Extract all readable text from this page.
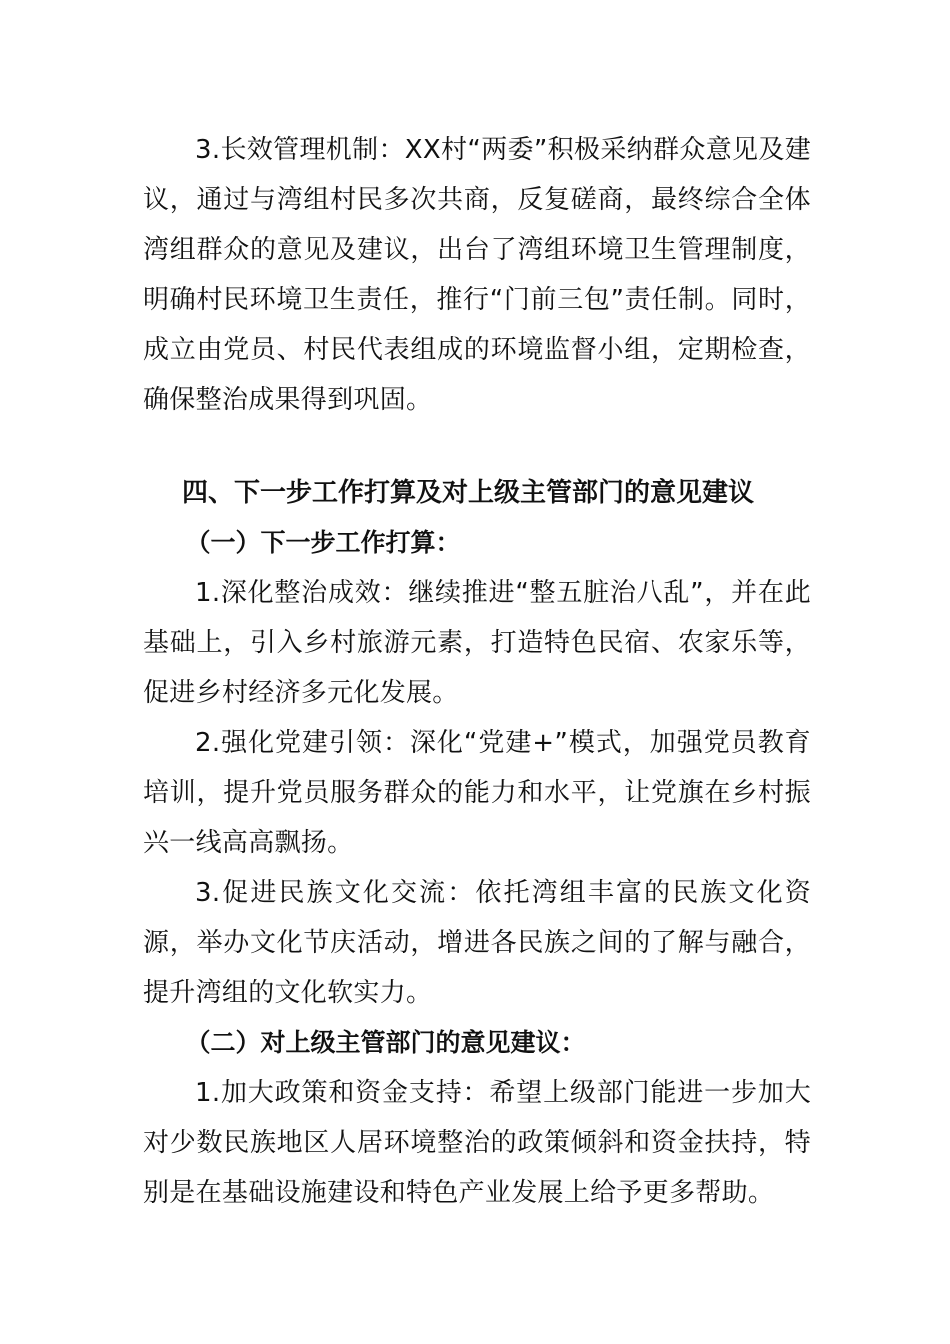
3.长效管理机制：XX村“两委”积极采纳群众意见及建议，通过与湾组村民多次共商，反复磋商，最终综合全体湾组群众的意见及建议，出台了湾组环境卫生管理制度，明确村民环境卫生责任，推行“门前三包”责任制。同时，成立由党员、村民代表组成的环境监督小组，定期检查，确保整治成果得到巩固。

四、下一步工作打算及对上级主管部门的意见建议

（一）下一步工作打算：

1.深化整治成效：继续推进“整五脏治八乱”，并在此基础上，引入乡村旅游元素，打造特色民宿、农家乐等，促进乡村经济多元化发展。

2.强化党建引领：深化“党建+”模式，加强党员教育培训，提升党员服务群众的能力和水平，让党旗在乡村振兴一线高高飘扬。

3.促进民族文化交流：依托湾组丰富的民族文化资源，举办文化节庆活动，增进各民族之间的了解与融合，提升湾组的文化软实力。

（二）对上级主管部门的意见建议：

1.加大政策和资金支持：希望上级部门能进一步加大对少数民族地区人居环境整治的政策倾斜和资金扶持，特别是在基础设施建设和特色产业发展上给予更多帮助。
